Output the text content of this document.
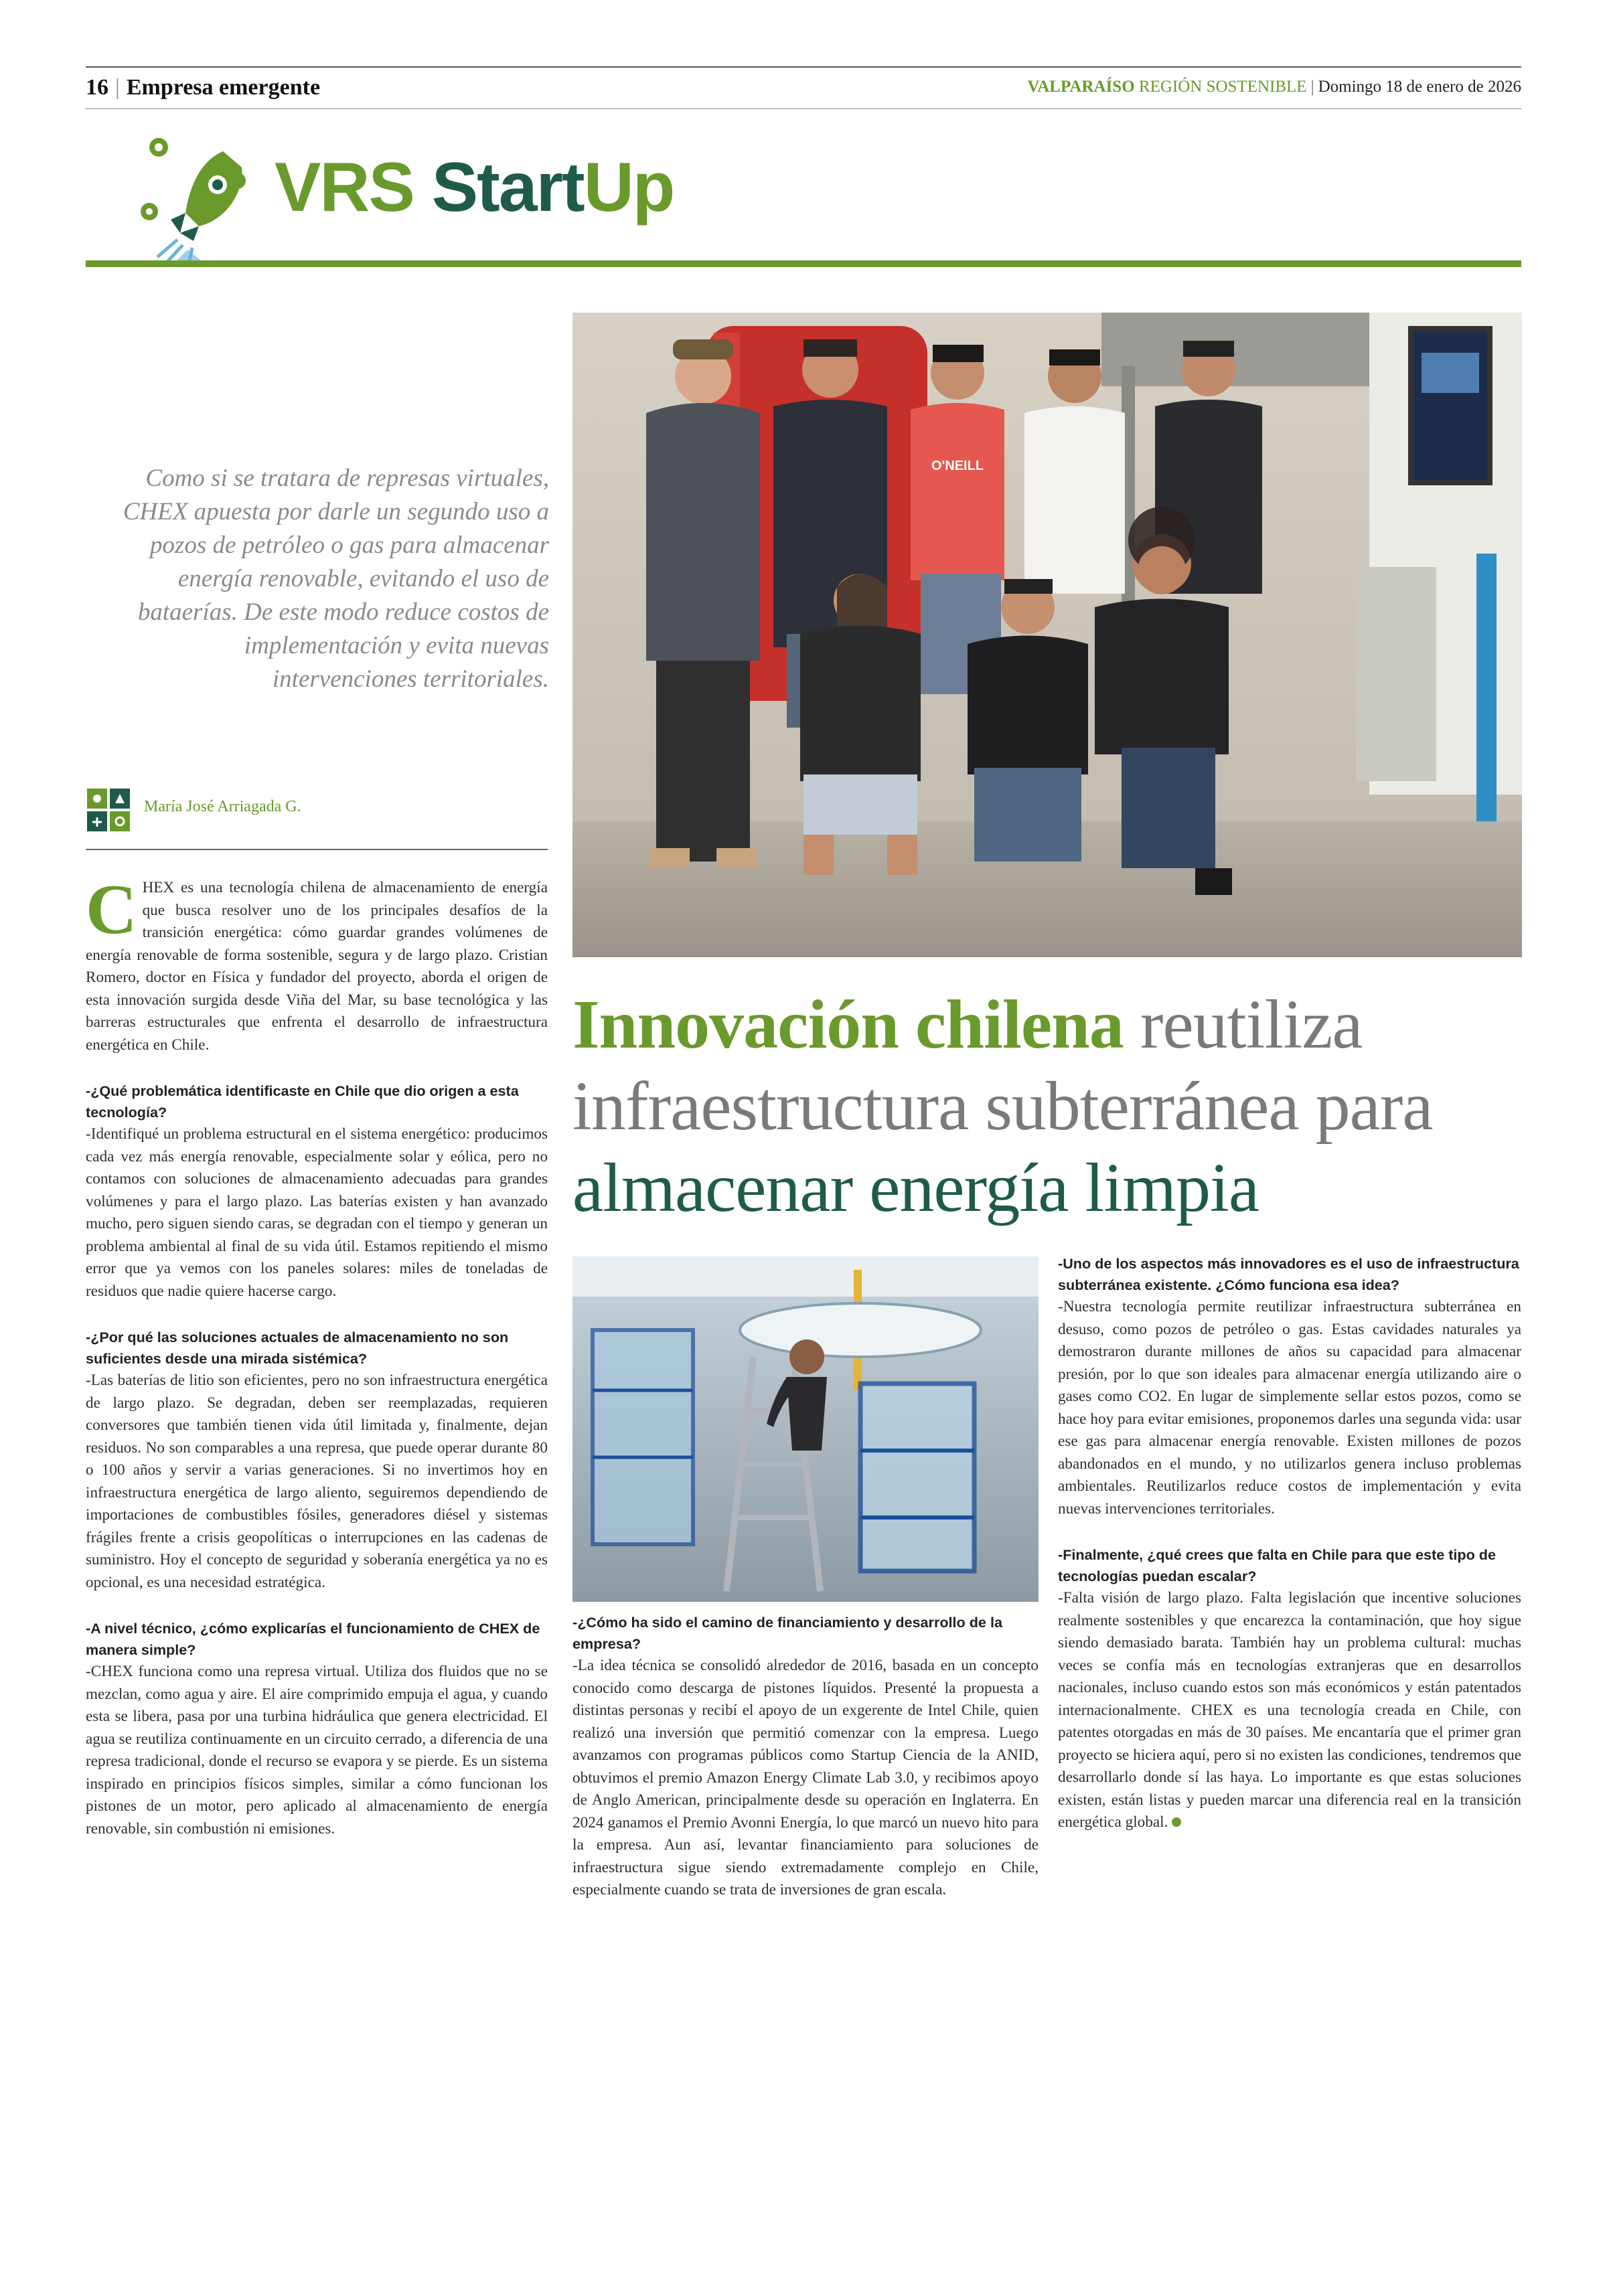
16 | Empresa emergente	VALPARAÍSO REGIÓN SOSTENIBLE | Domingo 18 de enero de 2026
VRS StartUp
Como si se tratara de represas virtuales, CHEX apuesta por darle un segundo uso a pozos de petróleo o gas para almacenar energía renovable, evitando el uso de bataerías. De este modo reduce costos de implementación y evita nuevas intervenciones territoriales.
María José Arriagada G.
O'NEILL
Innovación chilena reutiliza infraestructura subterránea para almacenar energía limpia

CHEX es una tecnología chilena de almacenamiento de energía que busca resolver uno de los principales desafíos de la transición energética: cómo guardar grandes volúmenes de energía renovable de forma sostenible, segura y de largo plazo. Cristian Romero, doctor en Física y fundador del proyecto, aborda el origen de esta innovación surgida desde Viña del Mar, su base tecnológica y las barreras estructurales que enfrenta el desarrollo de infraestructura energética en Chile.

-¿Qué problemática identificaste en Chile que dio origen a esta tecnología?

-Identifiqué un problema estructural en el sistema energético: producimos cada vez más energía renovable, especialmente solar y eólica, pero no contamos con soluciones de almacenamiento adecuadas para grandes volúmenes y para el largo plazo. Las baterías existen y han avanzado mucho, pero siguen siendo caras, se degradan con el tiempo y generan un problema ambiental al final de su vida útil. Estamos repitiendo el mismo error que ya vemos con los paneles solares: miles de toneladas de residuos que nadie quiere hacerse cargo.

-¿Por qué las soluciones actuales de almacenamiento no son suficientes desde una mirada sistémica?

-Las baterías de litio son eficientes, pero no son infraestructura energética de largo plazo. Se degradan, deben ser reemplazadas, requieren conversores que también tienen vida útil limitada y, finalmente, dejan residuos. No son comparables a una represa, que puede operar durante 80 o 100 años y servir a varias generaciones. Si no invertimos hoy en infraestructura energética de largo aliento, seguiremos dependiendo de importaciones de combustibles fósiles, generadores diésel y sistemas frágiles frente a crisis geopolíticas o interrupciones en las cadenas de suministro. Hoy el concepto de seguridad y soberanía energética ya no es opcional, es una necesidad estratégica.

-A nivel técnico, ¿cómo explicarías el funcionamiento de CHEX de manera simple?

-CHEX funciona como una represa virtual. Utiliza dos fluidos que no se mezclan, como agua y aire. El aire comprimido empuja el agua, y cuando esta se libera, pasa por una turbina hidráulica que genera electricidad. El agua se reutiliza continuamente en un circuito cerrado, a diferencia de una represa tradicional, donde el recurso se evapora y se pierde. Es un sistema inspirado en principios físicos simples, similar a cómo funcionan los pistones de un motor, pero aplicado al almacenamiento de energía renovable, sin combustión ni emisiones.

-¿Cómo ha sido el camino de financiamiento y desarrollo de la empresa?

-La idea técnica se consolidó alrededor de 2016, basada en un concepto conocido como descarga de pistones líquidos. Presenté la propuesta a distintas personas y recibí el apoyo de un exgerente de Intel Chile, quien realizó una inversión que permitió comenzar con la empresa. Luego avanzamos con programas públicos como Startup Ciencia de la ANID, obtuvimos el premio Amazon Energy Climate Lab 3.0, y recibimos apoyo de Anglo American, principalmente desde su operación en Inglaterra. En 2024 ganamos el Premio Avonni Energía, lo que marcó un nuevo hito para la empresa. Aun así, levantar financiamiento para soluciones de infraestructura sigue siendo extremadamente complejo en Chile, especialmente cuando se trata de inversiones de gran escala.

-Uno de los aspectos más innovadores es el uso de infraestructura subterránea existente. ¿Cómo funciona esa idea?

-Nuestra tecnología permite reutilizar infraestructura subterránea en desuso, como pozos de petróleo o gas. Estas cavidades naturales ya demostraron durante millones de años su capacidad para almacenar presión, por lo que son ideales para almacenar energía utilizando aire o gases como CO2. En lugar de simplemente sellar estos pozos, como se hace hoy para evitar emisiones, proponemos darles una segunda vida: usar ese gas para almacenar energía renovable. Existen millones de pozos abandonados en el mundo, y no utilizarlos genera incluso problemas ambientales. Reutilizarlos reduce costos de implementación y evita nuevas intervenciones territoriales.

-Finalmente, ¿qué crees que falta en Chile para que este tipo de tecnologías puedan escalar?

-Falta visión de largo plazo. Falta legislación que incentive soluciones realmente sostenibles y que encarezca la contaminación, que hoy sigue siendo demasiado barata. También hay un problema cultural: muchas veces se confía más en tecnologías extranjeras que en desarrollos nacionales, incluso cuando estos son más económicos y están patentados internacionalmente. CHEX es una tecnología creada en Chile, con patentes otorgadas en más de 30 países. Me encantaría que el primer gran proyecto se hiciera aquí, pero si no existen las condiciones, tendremos que desarrollarlo donde sí las haya. Lo importante es que estas soluciones existen, están listas y pueden marcar una diferencia real en la transición energética global.
